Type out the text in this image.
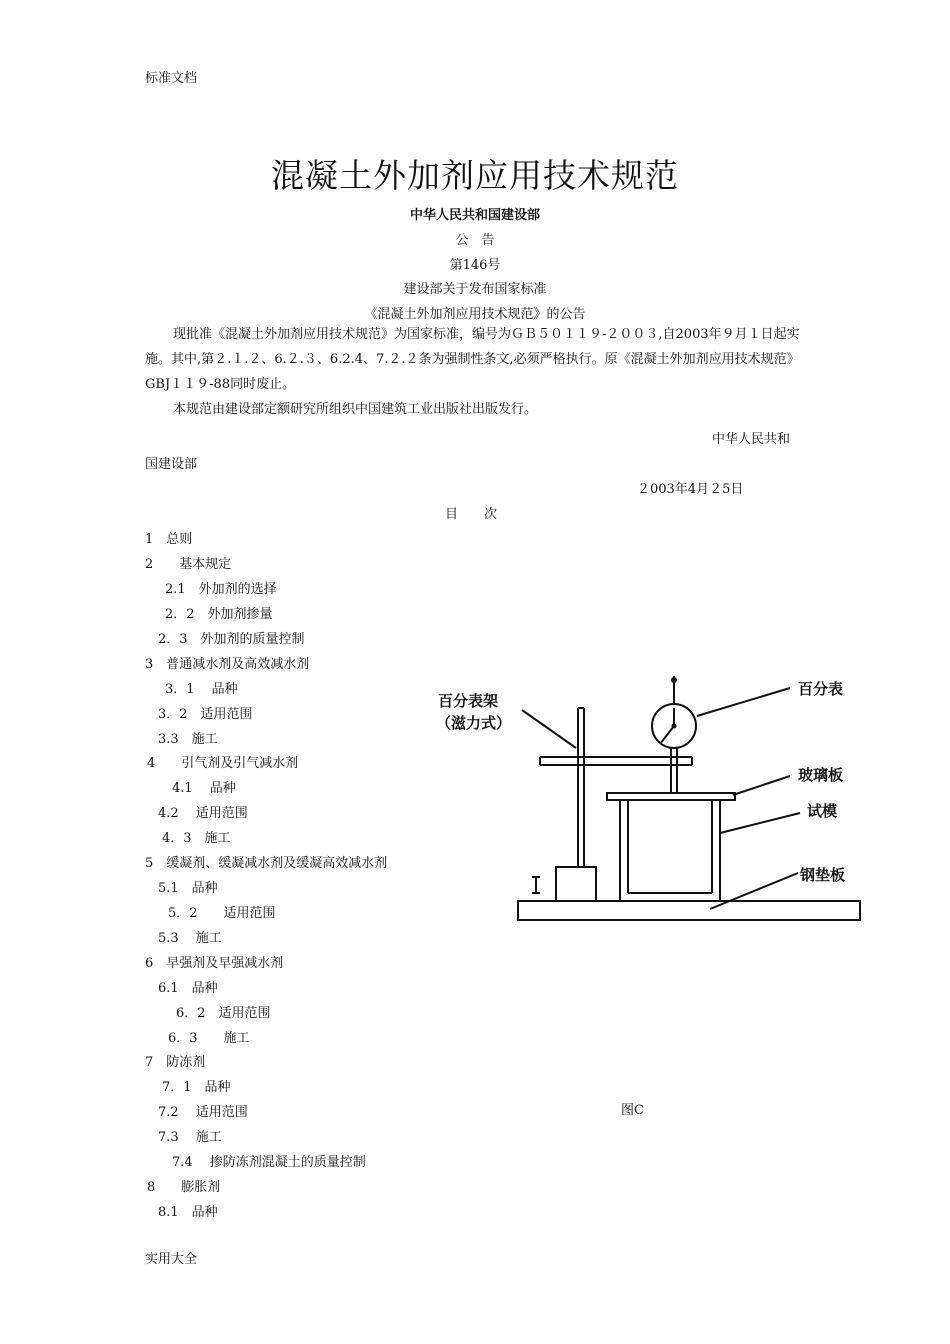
标准文档
混凝土外加剂应用技术规范
中华人民共和国建设部
公　告
第146号
建设部关于发布国家标准
《混凝土外加剂应用技术规范》的公告
现批准《混凝土外加剂应用技术规范》为国家标准，编号为ＧＢ５０１１９-２００３,自2003年９月１日起实施。其中,第２.１.２、6.２.３、6.2.4、7.２.２条为强制性条文,必须严格执行。原《混凝土外加剂应用技术规范》GBJ１１９-88同时废止。
本规范由建设部定额研究所组织中国建筑工业出版社出版发行。
中华人民共和
国建设部
２003年4月２5日
目　　次
1　总则
2　　基本规定
2.1　外加剂的选择
2．2　外加剂掺量
2．3　外加剂的质量控制
3　普通减水剂及高效减水剂
3．1　 品种
3．2　适用范围
3.3　施工
4　　引气剂及引气减水剂
4.1　 品种
4.2　 适用范围
4．3　施工
5　缓凝剂、缓凝减水剂及缓凝高效减水剂
5.1　品种
5．2　　适用范围
5.3　 施工
6　早强剂及早强减水剂
6.1　品种
6．2　适用范围
6．3　　施工
7　防冻剂
7．1　品种
7.2　 适用范围
7.3　 施工
7.4　 掺防冻剂混凝土的质量控制
8　　膨胀剂
8.1　品种
百分表架
（滋力式）
百分表
玻璃板
试模
钢垫板
图C
实用大全
